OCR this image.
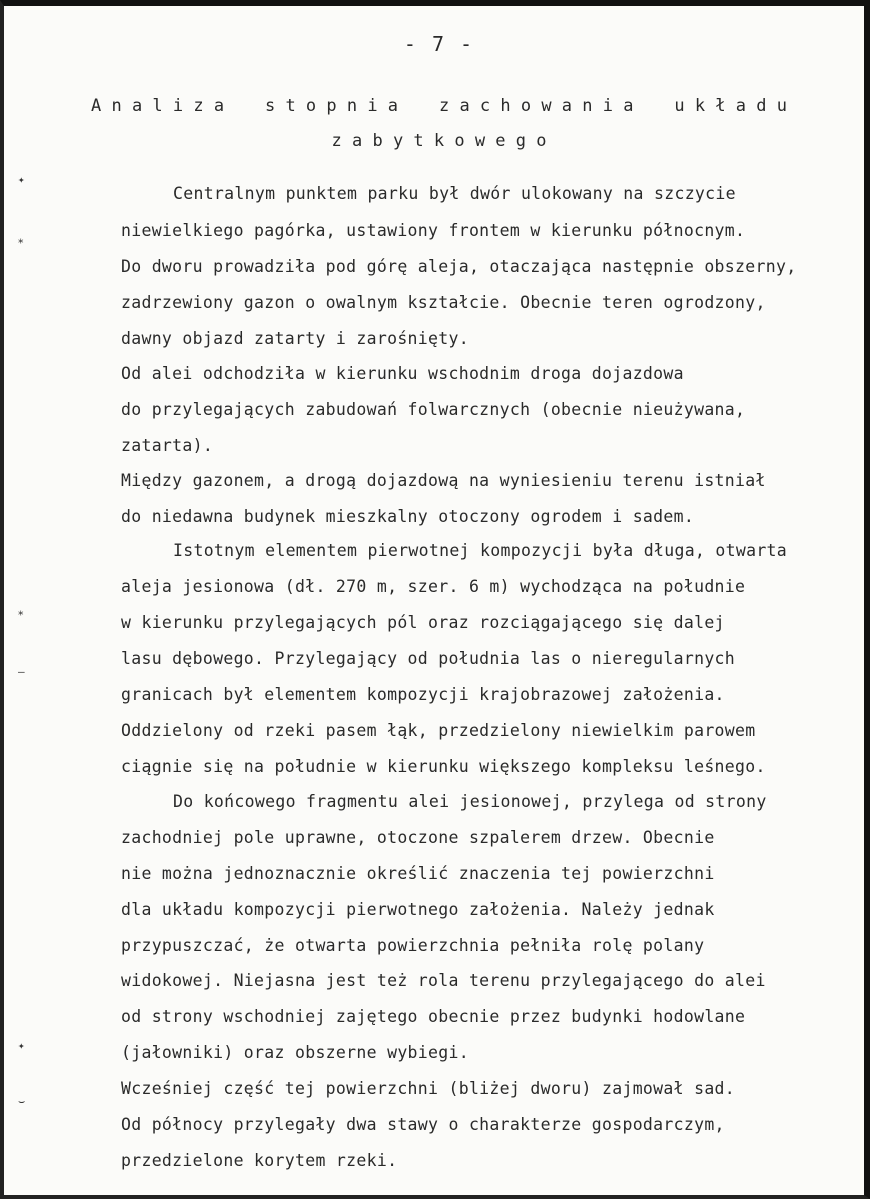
- 7 -
A n a l i z a    s t o p n i a    z a c h o w a n i a    u k ł a d u
z a b y t k o w e g o
✦
⁎
⁎
–
✦
⌣
Centralnym punktem parku był dwór ulokowany na szczycie
niewielkiego pagórka, ustawiony frontem w kierunku północnym.
Do dworu prowadziła pod górę aleja, otaczająca następnie obszerny,
zadrzewiony gazon o owalnym kształcie. Obecnie teren ogrodzony,
dawny objazd zatarty i zarośnięty.
Od alei odchodziła w kierunku wschodnim droga dojazdowa
do przylegających zabudowań folwarcznych (obecnie nieużywana,
zatarta).
Między gazonem, a drogą dojazdową na wyniesieniu terenu istniał
do niedawna budynek mieszkalny otoczony ogrodem i sadem.
Istotnym elementem pierwotnej kompozycji była długa, otwarta
aleja jesionowa (dł. 270 m, szer. 6 m) wychodząca na południe
w kierunku przylegających pól oraz rozciągającego się dalej
lasu dębowego. Przylegający od południa las o nieregularnych
granicach był elementem kompozycji krajobrazowej założenia.
Oddzielony od rzeki pasem łąk, przedzielony niewielkim parowem
ciągnie się na południe w kierunku większego kompleksu leśnego.
Do końcowego fragmentu alei jesionowej, przylega od strony
zachodniej pole uprawne, otoczone szpalerem drzew. Obecnie
nie można jednoznacznie określić znaczenia tej powierzchni
dla układu kompozycji pierwotnego założenia. Należy jednak
przypuszczać, że otwarta powierzchnia pełniła rolę polany
widokowej. Niejasna jest też rola terenu przylegającego do alei
od strony wschodniej zajętego obecnie przez budynki hodowlane
(jałowniki) oraz obszerne wybiegi.
Wcześniej część tej powierzchni (bliżej dworu) zajmował sad.
Od północy przylegały dwa stawy o charakterze gospodarczym,
przedzielone korytem rzeki.
